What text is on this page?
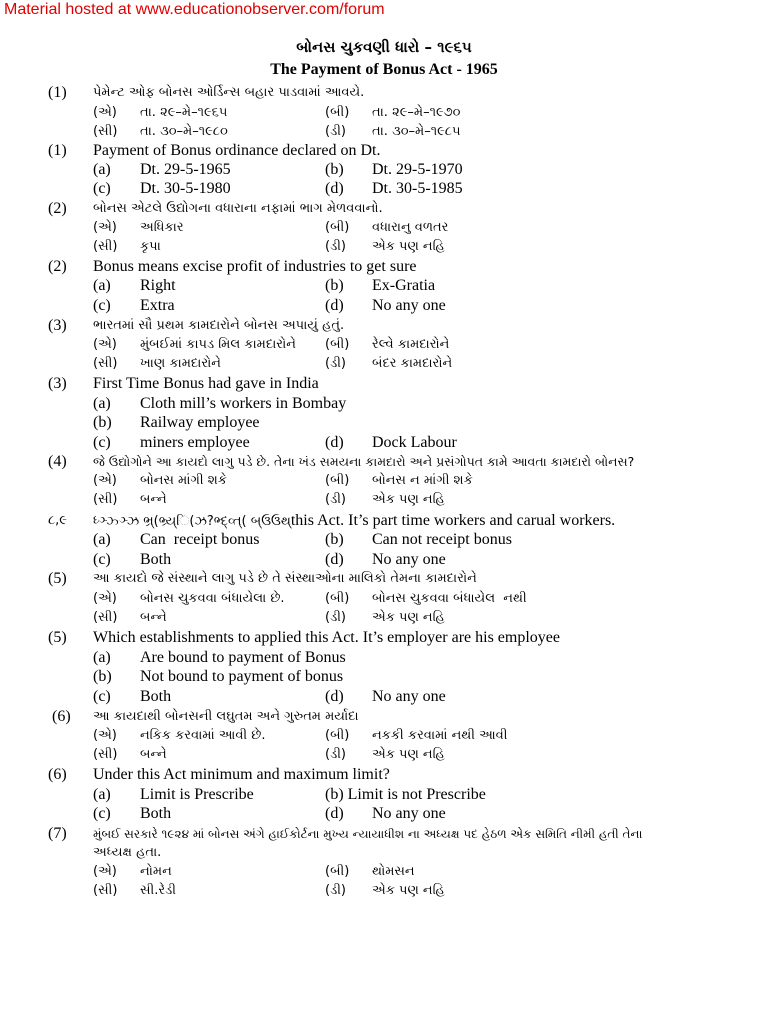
Material hosted at www.educationobserver.com/forum
બોનસ ચુકવણી ધારો – ૧૯૬૫
The Payment of Bonus Act - 1965
(1) પેમેન્ટ ઓફ બોનસ ઓર્ડિન્સ બહાર પાડવામાં આવયે.
(એ) તા. ૨૯–મે–૧૯૬૫	(બી) તા. ૨૯–મે–૧૯૭૦
(સી) તા. ૩૦–મે–૧૯૮૦	(ડી) તા. ૩૦–મે–૧૯૮૫
(1) Payment of Bonus ordinance declared on Dt.
(a) Dt. 29-5-1965	(b) Dt. 29-5-1970
(c) Dt. 30-5-1980	(d) Dt. 30-5-1985
(2) બોનસ એટલે ઉદ્યોગના વધારાના નફામાં ભાગ મેળવવાનો.
(એ) અધિકાર	(બી) વધારાનુ વળતર
(સી) કૃપા	(ડી) એક પણ નહિ
(2) Bonus means excise profit of industries to get sure
(a) Right	(b) Ex-Gratia
(c) Extra	(d) No any one
(3) ભારતમાં સૌ પ્રથમ કામદારોને બોનસ અપાયું હતું.
(એ) મુંબઈમાં કાપડ મિલ કામદારોને (બી) રેલ્વે કામદારોને
(સી) ખાણ કામદારોને	(ડી) બંદર કામદારોને
(3) First Time Bonus had gave in India
(a) Cloth mill’s workers in Bombay
(b) Railway employee
(c) miners employee	(d) Dock Labour
(4) જે ઉદ્યોગોને આ કાયદો લાગુ પડે છે. તેના ખંડ સમયના કામદારો અને પ્રસંગોપત કામે આવતા કામદારો બોનસ?
(એ) બોનસ માંગી શકે	(બી) બોનસ ન માંગી શકે
(સી) બન્ને	(ડી) એક પણ નહિ
૮,૯ ધ્ઞ્ઝ્ઞ્ઝ ભ્ર્(ભ્ર્ય્િ(ઝ?ભ્દ્વ્ત્( બ્ઉઉથ્this Act. It’s part time workers and carual workers.
(a) Can  receipt bonus	(b) Can not receipt bonus
(c) Both	(d) No any one
(5) આ કાયદો જે સંસ્થાને લાગુ પડે છે તે સંસ્થાઓના માલિકો તેમના કામદારોને
(એ) બોનસ ચુકવવા બંધાયેલા છે.	(બી) બોનસ ચુકવવા બંધાયેલ  નથી
(સી) બન્ને	(ડી) એક પણ નહિ
(5) Which establishments to applied this Act. It’s employer are his employee
(a) Are bound to payment of Bonus
(b) Not bound to payment of bonus
(c) Both	(d) No any one
(6) આ કાયદાથી બોનસની લઘુતમ અને ગુરુતમ મર્યાદા
(એ) નકિક કરવામાં આવી છે.	(બી) નકકી કરવામાં નથી આવી
(સી) બન્ને	(ડી) એક પણ નહિ
(6) Under this Act minimum and maximum limit?
(a) Limit is Prescribe	(b) Limit is not Prescribe
(c) Both	(d) No any one
(7) મુંબઈ સરકારે ૧૯૨૪ માં બોનસ અંગે હાઈકોર્ટના મુખ્ય ન્યાયાધીશ ના અધ્યક્ષ પદ હેઠળ એક સમિતિ નીમી હતી તેના
અધ્યક્ષ હતા.
(એ) નોમન	(બી) થોમસન
(સી) સી.રેડી	(ડી) એક પણ નહિ
